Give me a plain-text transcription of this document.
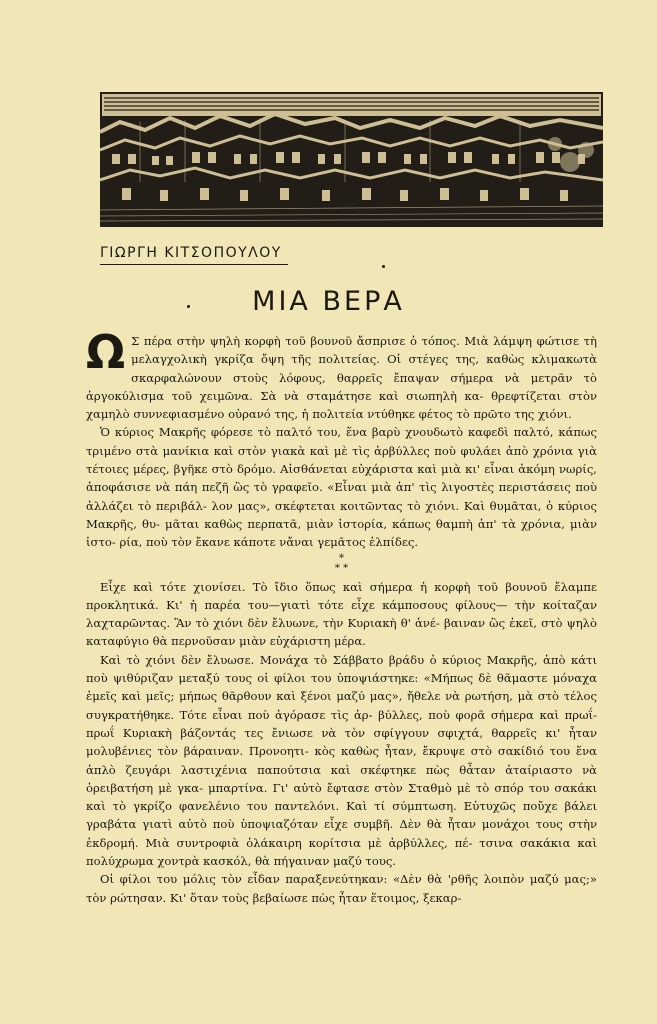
ΓΙΩΡΓΗ ΚΙΤΣΟΠΟΥΛΟΥ
ΜΙΑ ΒΕΡΑ

Ω Σ πέρα στὴν ψηλὴ κορφὴ τοῦ βουνοῦ ἄσπρισε ὁ τόπος. Μιὰ λάμψη φώτισε τὴ μελαγχολικὴ γκρίζα ὄψη τῆς πολιτείας. Οἱ στέγες της, καθὼς κλιμακωτὰ σκαρφαλώνουν στοὺς λόφους, θαρρεῖς ἔπαψαν σήμερα νὰ μετρᾶν τὸ ἀργοκύλισμα τοῦ χειμῶνα. Σὰ νὰ σταμάτησε καὶ σιωπηλὴ κα- θρεφτίζεται στὸν χαμηλὸ συννεφιασμένο οὐρανό της, ἡ πολιτεία ντύθηκε φέτος τὸ πρῶτο της χιόνι.

Ὁ κύριος Μακρῆς φόρεσε τὸ παλτό του, ἕνα βαρὺ χνουδωτὸ καφεδὶ παλτό, κάπως τριμένο στὰ μανίκια καὶ στὸν γιακὰ καὶ μὲ τὶς ἀρβύλλες ποὺ φυλάει ἀπὸ χρόνια γιὰ τέτοιες μέρες, βγῆκε στὸ δρόμο. Αἰσθάνεται εὐχάριστα καὶ μιὰ κι' εἶναι ἀκόμη νωρίς, ἀποφάσισε νὰ πάη πεζῆ ὣς τὸ γραφεῖο. «Εἶναι μιὰ ἀπ' τὶς λιγοστὲς περιστάσεις ποὺ ἀλλάζει τὸ περιβάλ- λον μας», σκέφτεται κοιτῶντας τὸ χιόνι. Καὶ θυμᾶται, ὁ κύριος Μακρῆς, θυ- μᾶται καθὼς περπατᾶ, μιὰν ἱστορία, κάπως θαμπὴ ἀπ' τὰ χρόνια, μιὰν ἱστο- ρία, ποὺ τὸν ἔκανε κάποτε νἄναι γεμᾶτος ἐλπίδες.

*
* *

Εἶχε καὶ τότε χιονίσει. Τὸ ἴδιο ὅπως καὶ σήμερα ἡ κορφὴ τοῦ βουνοῦ ἔλαμπε προκλητικά. Κι' ἡ παρέα του—γιατὶ τότε εἶχε κάμποσους φίλους— τὴν κοίταζαν λαχταρῶντας. Ἂν τὸ χιόνι δὲν ἔλυωνε, τὴν Κυριακὴ θ' ἀνέ- βαιναν ὣς ἐκεῖ, στὸ ψηλὸ καταφύγιο θὰ περνοῦσαν μιὰν εὐχάριστη μέρα.

Καὶ τὸ χιόνι δὲν ἔλυωσε. Μονάχα τὸ Σάββατο βράδυ ὁ κύριος Μακρῆς, ἀπὸ κάτι ποὺ ψιθύριζαν μεταξύ τους οἱ φίλοι του ὑποψιάστηκε: «Μήπως δὲ θᾶμαστε μόναχα ἐμεῖς καὶ μεῖς; μήπως θᾶρθουν καὶ ξένοι μαζύ μας», ἤθελε νὰ ρωτήση, μὰ στὸ τέλος συγκρατήθηκε. Τότε εἶναι ποὺ ἀγόρασε τὶς ἀρ- βύλλες, ποὺ φορᾶ σήμερα καὶ πρωΐ-πρωΐ Κυριακὴ βάζοντάς τες ἔνιωσε νὰ τὸν σφίγγουν σφιχτά, θαρρεῖς κι' ἦταν μολυβένιες τὸν βάραιναν. Προνοητι- κὸς καθὼς ἦταν, ἔκρυψε στὸ σακίδιό του ἕνα ἁπλὸ ζευγάρι λαστιχένια παπούτσια καὶ σκέφτηκε πὼς θἆταν ἀταίριαστο νὰ ὀρειβατήση μὲ γκα- μπαρτίνα. Γι' αὐτὸ ἔφτασε στὸν Σταθμὸ μὲ τὸ σπόρ του σακάκι καὶ τὸ γκρίζο φανελένιο του παντελόνι. Καὶ τί σύμπτωση. Εὐτυχῶς ποὔχε βάλει γραβάτα γιατὶ αὐτὸ ποὺ ὑποψιαζόταν εἶχε συμβῆ. Δὲν θὰ ἦταν μονάχοι τους στὴν ἐκδρομή. Μιὰ συντροφιὰ ὁλάκαιρη κορίτσια μὲ ἀρβύλλες, πέ- τσινα σακάκια καὶ πολύχρωμα χοντρὰ κασκόλ, θὰ πήγαιναν μαζύ τους.

Οἱ φίλοι του μόλις τὸν εἶδαν παραξενεύτηκαν: «Δὲν θὰ 'ρθῆς λοιπὸν μαζύ μας;» τὸν ρώτησαν. Κι' ὅταν τοὺς βεβαίωσε πὼς ἦταν ἕτοιμος, ξεκαρ-
